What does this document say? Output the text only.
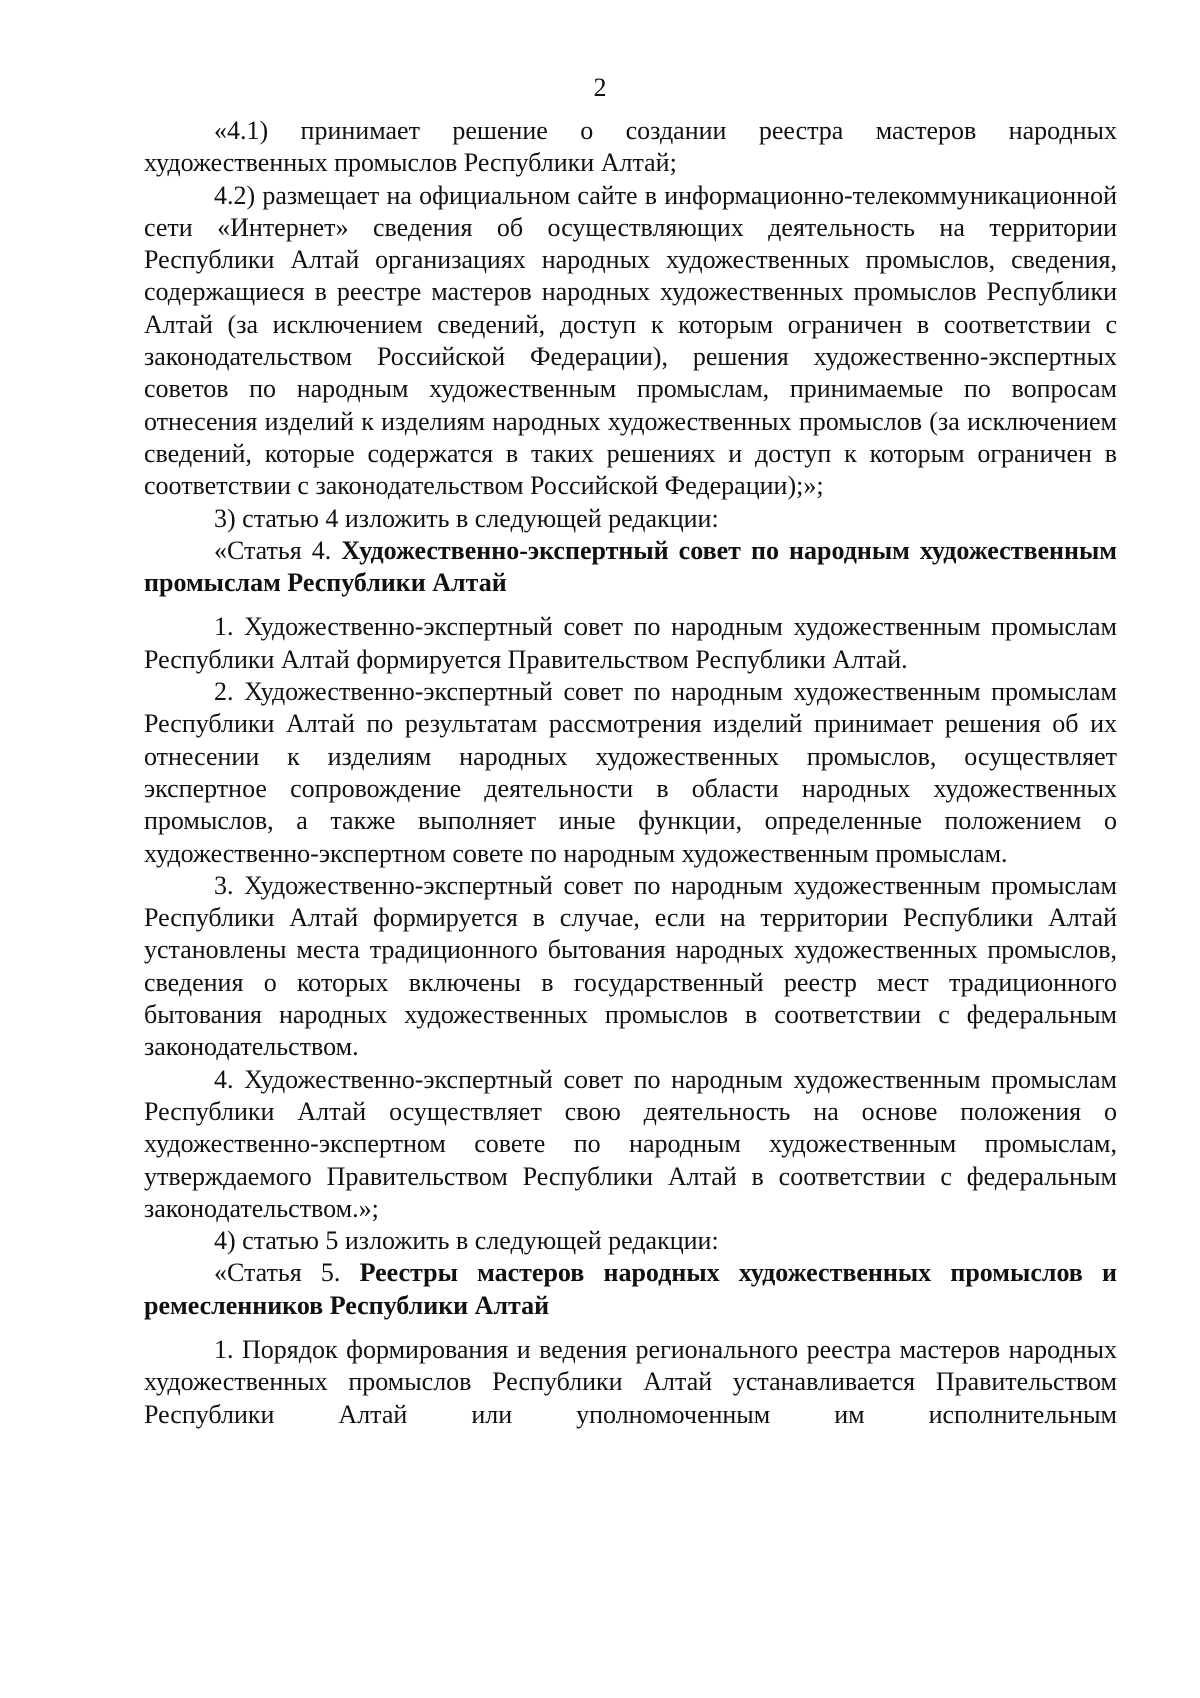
2

«4.1) принимает решение о создании реестра мастеров народных художественных промыслов Республики Алтай;

4.2) размещает на официальном сайте в информационно-телекоммуникационной сети «Интернет» сведения об осуществляющих деятельность на территории Республики Алтай организациях народных художественных промыслов, сведения, содержащиеся в реестре мастеров народных художественных промыслов Республики Алтай (за исключением сведений, доступ к которым ограничен в соответствии с законодательством Российской Федерации), решения художественно-экспертных советов по народным художественным промыслам, принимаемые по вопросам отнесения изделий к изделиям народных художественных промыслов (за исключением сведений, которые содержатся в таких решениях и доступ к которым ограничен в соответствии с законодательством Российской Федерации);»;

3) статью 4 изложить в следующей редакции:

«Статья 4. Художественно-экспертный совет по народным художественным промыслам Республики Алтай

1. Художественно-экспертный совет по народным художественным промыслам Республики Алтай формируется Правительством Республики Алтай.

2. Художественно-экспертный совет по народным художественным промыслам Республики Алтай по результатам рассмотрения изделий принимает решения об их отнесении к изделиям народных художественных промыслов, осуществляет экспертное сопровождение деятельности в области народных художественных промыслов, а также выполняет иные функции, определенные положением о художественно-экспертном совете по народным художественным промыслам.

3. Художественно-экспертный совет по народным художественным промыслам Республики Алтай формируется в случае, если на территории Республики Алтай установлены места традиционного бытования народных художественных промыслов, сведения о которых включены в государственный реестр мест традиционного бытования народных художественных промыслов в соответствии с федеральным законодательством.

4. Художественно-экспертный совет по народным художественным промыслам Республики Алтай осуществляет свою деятельность на основе положения о художественно-экспертном совете по народным художественным промыслам, утверждаемого Правительством Республики Алтай в соответствии с федеральным законодательством.»;

4) статью 5 изложить в следующей редакции:

«Статья 5. Реестры мастеров народных художественных промыслов и ремесленников Республики Алтай

1. Порядок формирования и ведения регионального реестра мастеров народных художественных промыслов Республики Алтай устанавливается Правительством Республики Алтай или уполномоченным им исполнительным
